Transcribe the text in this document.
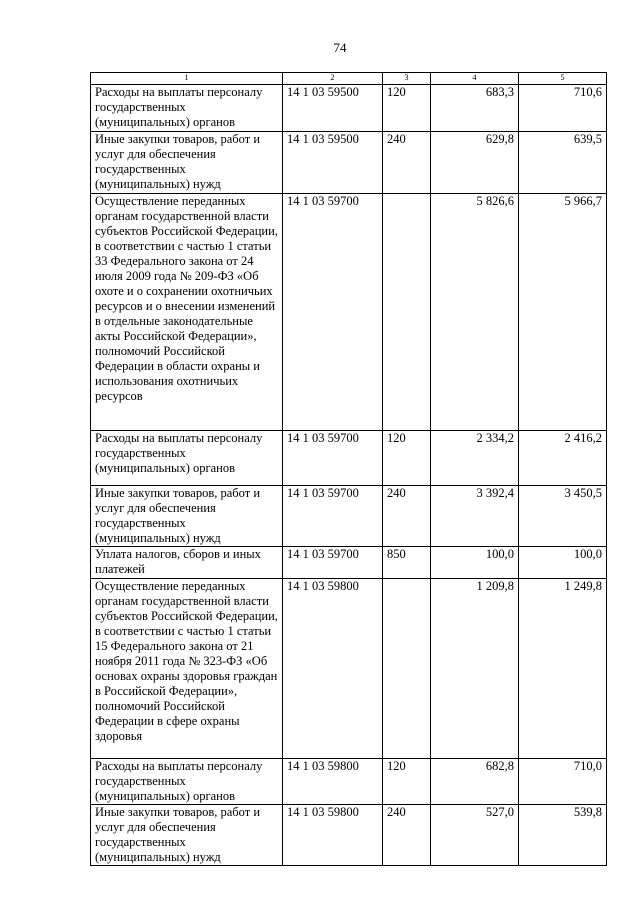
74
1	2	3	4	5
Расходы на выплаты персоналу государственных (муниципальных) органов	14 1 03 59500	120	683,3	710,6
Иные закупки товаров, работ и услуг для обеспечения государственных (муниципальных) нужд	14 1 03 59500	240	629,8	639,5
Осуществление переданных органам государственной власти субъектов Российской Федерации, в соответствии с частью 1 статьи 33 Федерального закона от 24 июля 2009 года № 209-ФЗ «Об охоте и о сохранении охотничьих ресурсов и о внесении изменений в отдельные законодательные акты Российской Федерации», полномочий Российской Федерации в области охраны и использования охотничьих ресурсов	14 1 03 59700		5 826,6	5 966,7
Расходы на выплаты персоналу государственных (муниципальных) органов	14 1 03 59700	120	2 334,2	2 416,2
Иные закупки товаров, работ и услуг для обеспечения государственных (муниципальных) нужд	14 1 03 59700	240	3 392,4	3 450,5
Уплата налогов, сборов и иных платежей	14 1 03 59700	850	100,0	100,0
Осуществление переданных органам государственной власти субъектов Российской Федерации, в соответствии с частью 1 статьи 15 Федерального закона от 21 ноября 2011 года № 323-ФЗ «Об основах охраны здоровья граждан в Российской Федерации», полномочий Российской Федерации в сфере охраны здоровья	14 1 03 59800		1 209,8	1 249,8
Расходы на выплаты персоналу государственных (муниципальных) органов	14 1 03 59800	120	682,8	710,0
Иные закупки товаров, работ и услуг для обеспечения государственных (муниципальных) нужд	14 1 03 59800	240	527,0	539,8
